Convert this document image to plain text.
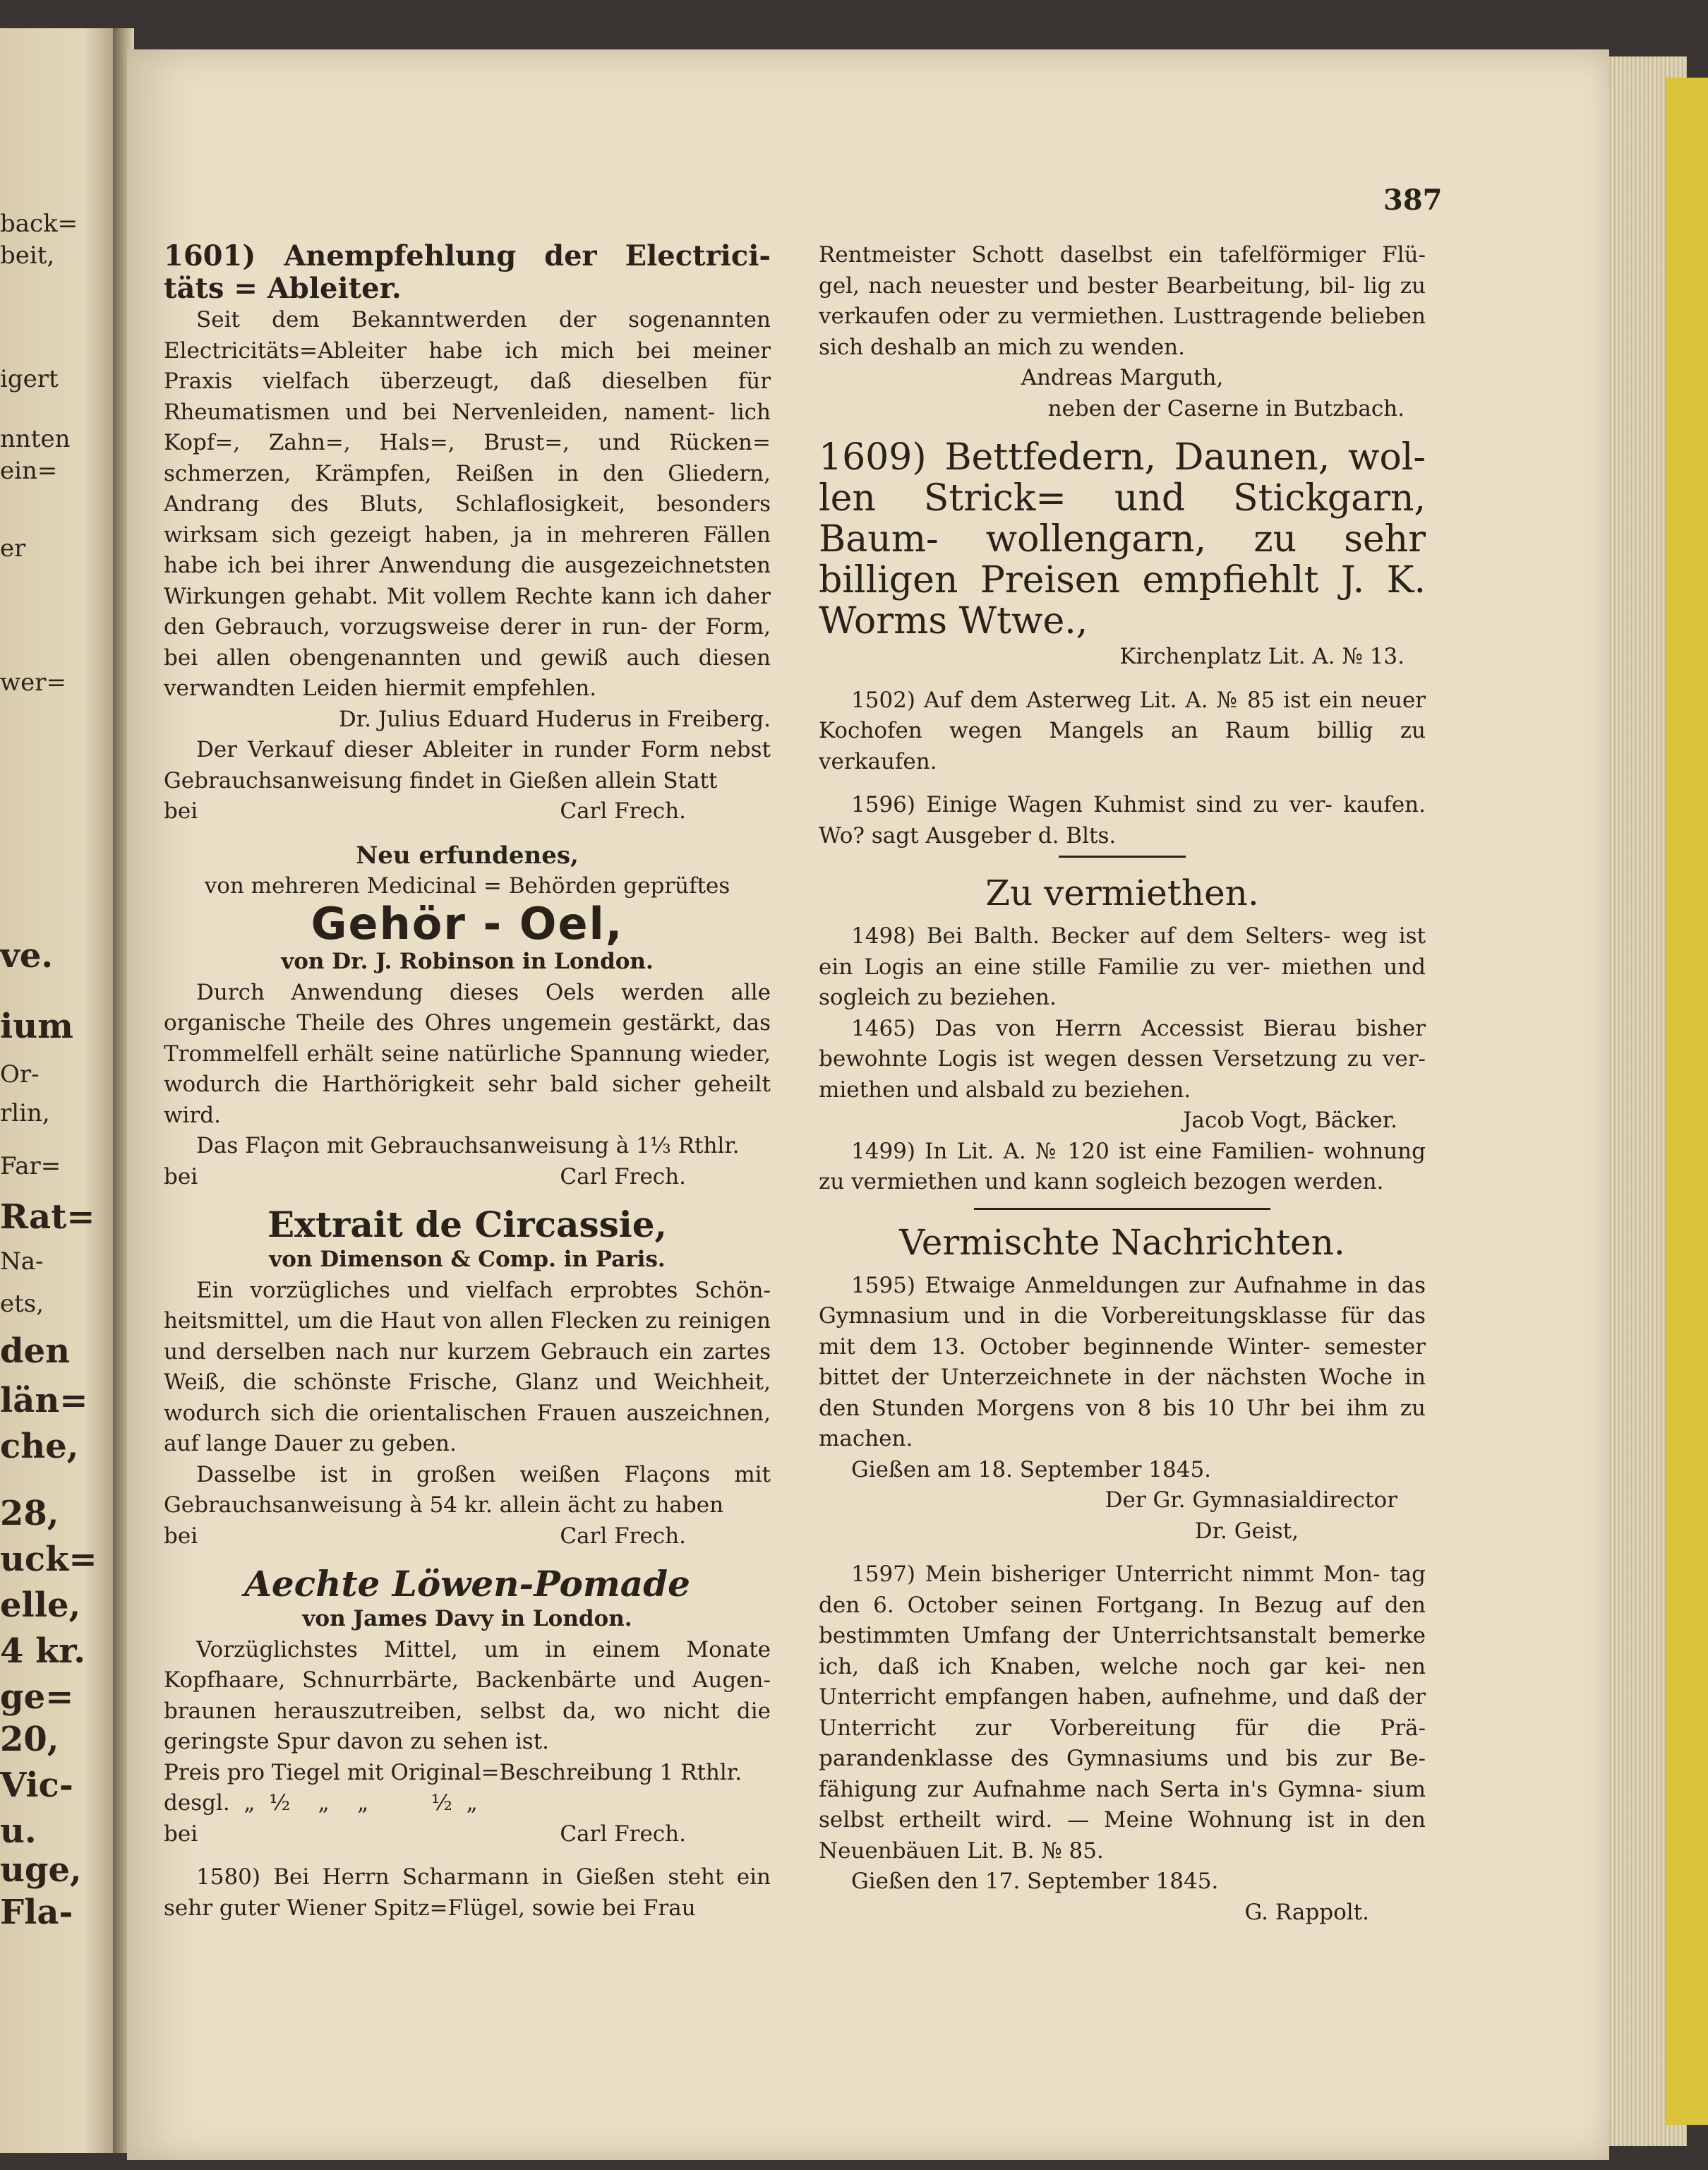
back=
beit,
igert
nnten
ein=
er
wer=
ve.
ium
Or-
rlin,
Far=
Rat=
Na-
ets,
den
län=
che,
28,
uck=
elle,
4 kr.
ge=
20,
Vic-
u.
uge,
Fla-
387

1601) Anempfehlung der Electrici- täts = Ableiter.

Seit dem Bekanntwerden der sogenannten Electricitäts=Ableiter habe ich mich bei meiner Praxis vielfach überzeugt, daß dieselben für Rheumatismen und bei Nervenleiden, nament- lich Kopf=, Zahn=, Hals=, Brust=, und Rücken= schmerzen, Krämpfen, Reißen in den Gliedern, Andrang des Bluts, Schlaflosigkeit, besonders wirksam sich gezeigt haben, ja in mehreren Fällen habe ich bei ihrer Anwendung die ausgezeichnetsten Wirkungen gehabt. Mit vollem Rechte kann ich daher den Gebrauch, vorzugsweise derer in run- der Form, bei allen obengenannten und gewiß auch diesen verwandten Leiden hiermit empfehlen.

Dr. Julius Eduard Huderus in Freiberg.

Der Verkauf dieser Ableiter in runder Form nebst Gebrauchsanweisung findet in Gießen allein Statt

bei	Carl Frech.

Neu erfundenes,

von mehreren Medicinal = Behörden geprüftes

Gehör - Oel,

von Dr. J. Robinson in London.

Durch Anwendung dieses Oels werden alle organische Theile des Ohres ungemein gestärkt, das Trommelfell erhält seine natürliche Spannung wieder, wodurch die Harthörigkeit sehr bald sicher geheilt wird.

Das Flaçon mit Gebrauchsanweisung à 1⅓ Rthlr.

bei	Carl Frech.

Extrait de Circassie,

von Dimenson & Comp. in Paris.

Ein vorzügliches und vielfach erprobtes Schön- heitsmittel, um die Haut von allen Flecken zu reinigen und derselben nach nur kurzem Gebrauch ein zartes Weiß, die schönste Frische, Glanz und Weichheit, wodurch sich die orientalischen Frauen auszeichnen, auf lange Dauer zu geben.

Dasselbe ist in großen weißen Flaçons mit Gebrauchsanweisung à 54 kr. allein ächt zu haben

bei	Carl Frech.

Aechte Löwen-Pomade

von James Davy in London.

Vorzüglichstes Mittel, um in einem Monate Kopfhaare, Schnurrbärte, Backenbärte und Augen- braunen herauszutreiben, selbst da, wo nicht die geringste Spur davon zu sehen ist.

Preis pro Tiegel mit Original=Beschreibung 1 Rthlr.

desgl.  „  ½    „    „         ½  „

bei	Carl Frech.

1580) Bei Herrn Scharmann in Gießen steht ein sehr guter Wiener Spitz=Flügel, sowie bei Frau

Rentmeister Schott daselbst ein tafelförmiger Flü- gel, nach neuester und bester Bearbeitung, bil- lig zu verkaufen oder zu vermiethen. Lusttragende belieben sich deshalb an mich zu wenden.

Andreas Marguth,

neben der Caserne in Butzbach.

1609) Bettfedern, Daunen, wol- len Strick= und Stickgarn, Baum- wollengarn, zu sehr billigen Preisen empfiehlt J. K. Worms Wtwe.,

Kirchenplatz Lit. A. № 13.

1502) Auf dem Asterweg Lit. A. № 85 ist ein neuer Kochofen wegen Mangels an Raum billig zu verkaufen.

1596) Einige Wagen Kuhmist sind zu ver- kaufen. Wo? sagt Ausgeber d. Blts.

Zu vermiethen.

1498) Bei Balth. Becker auf dem Selters- weg ist ein Logis an eine stille Familie zu ver- miethen und sogleich zu beziehen.

1465) Das von Herrn Accessist Bierau bisher bewohnte Logis ist wegen dessen Versetzung zu ver- miethen und alsbald zu beziehen.

Jacob Vogt, Bäcker.

1499) In Lit. A. № 120 ist eine Familien- wohnung zu vermiethen und kann sogleich bezogen werden.

Vermischte Nachrichten.

1595) Etwaige Anmeldungen zur Aufnahme in das Gymnasium und in die Vorbereitungsklasse für das mit dem 13. October beginnende Winter- semester bittet der Unterzeichnete in der nächsten Woche in den Stunden Morgens von 8 bis 10 Uhr bei ihm zu machen.

Gießen am 18. September 1845.

Der Gr. Gymnasialdirector

Dr. Geist,

1597) Mein bisheriger Unterricht nimmt Mon- tag den 6. October seinen Fortgang. In Bezug auf den bestimmten Umfang der Unterrichtsanstalt bemerke ich, daß ich Knaben, welche noch gar kei- nen Unterricht empfangen haben, aufnehme, und daß der Unterricht zur Vorbereitung für die Prä- parandenklasse des Gymnasiums und bis zur Be- fähigung zur Aufnahme nach Serta in's Gymna- sium selbst ertheilt wird. — Meine Wohnung ist in den Neuenbäuen Lit. B. № 85.

Gießen den 17. September 1845.

G. Rappolt.
